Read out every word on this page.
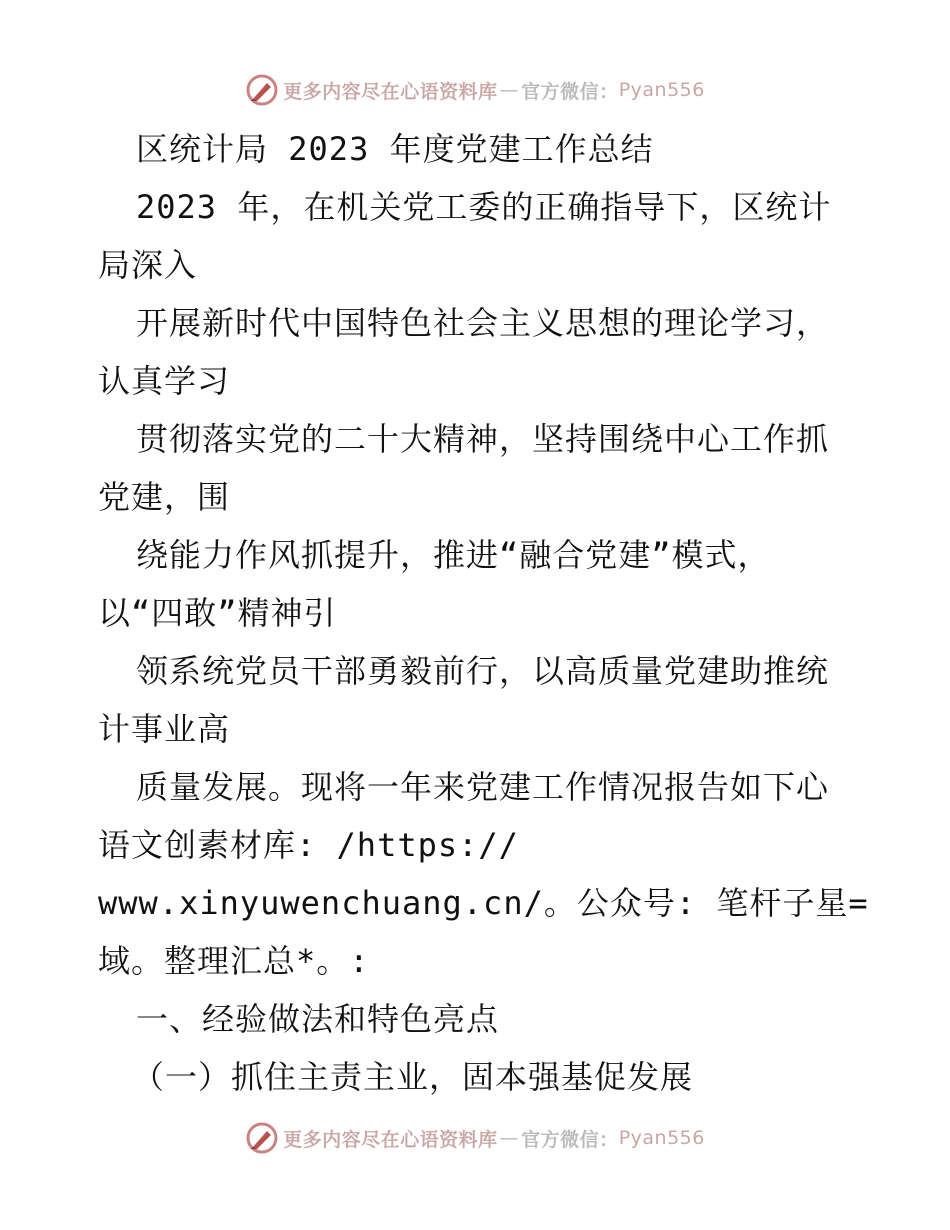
更多内容尽在心语资料库 — 官方微信： Pyan556
区统计局 2023 年度党建工作总结
2023 年，在机关党工委的正确指导下，区统计
局深入
开展新时代中国特色社会主义思想的理论学习，
认真学习
贯彻落实党的二十大精神，坚持围绕中心工作抓
党建，围
绕能力作风抓提升，推进“融合党建”模式，
以“四敢”精神引
领系统党员干部勇毅前行，以高质量党建助推统
计事业高
质量发展。现将一年来党建工作情况报告如下心
语文创素材库: /https://
www.xinyuwenchuang.cn/。公众号: 笔杆子星=
域。整理汇总*。:
一、经验做法和特色亮点
（一）抓住主责主业，固本强基促发展
更多内容尽在心语资料库 — 官方微信： Pyan556
